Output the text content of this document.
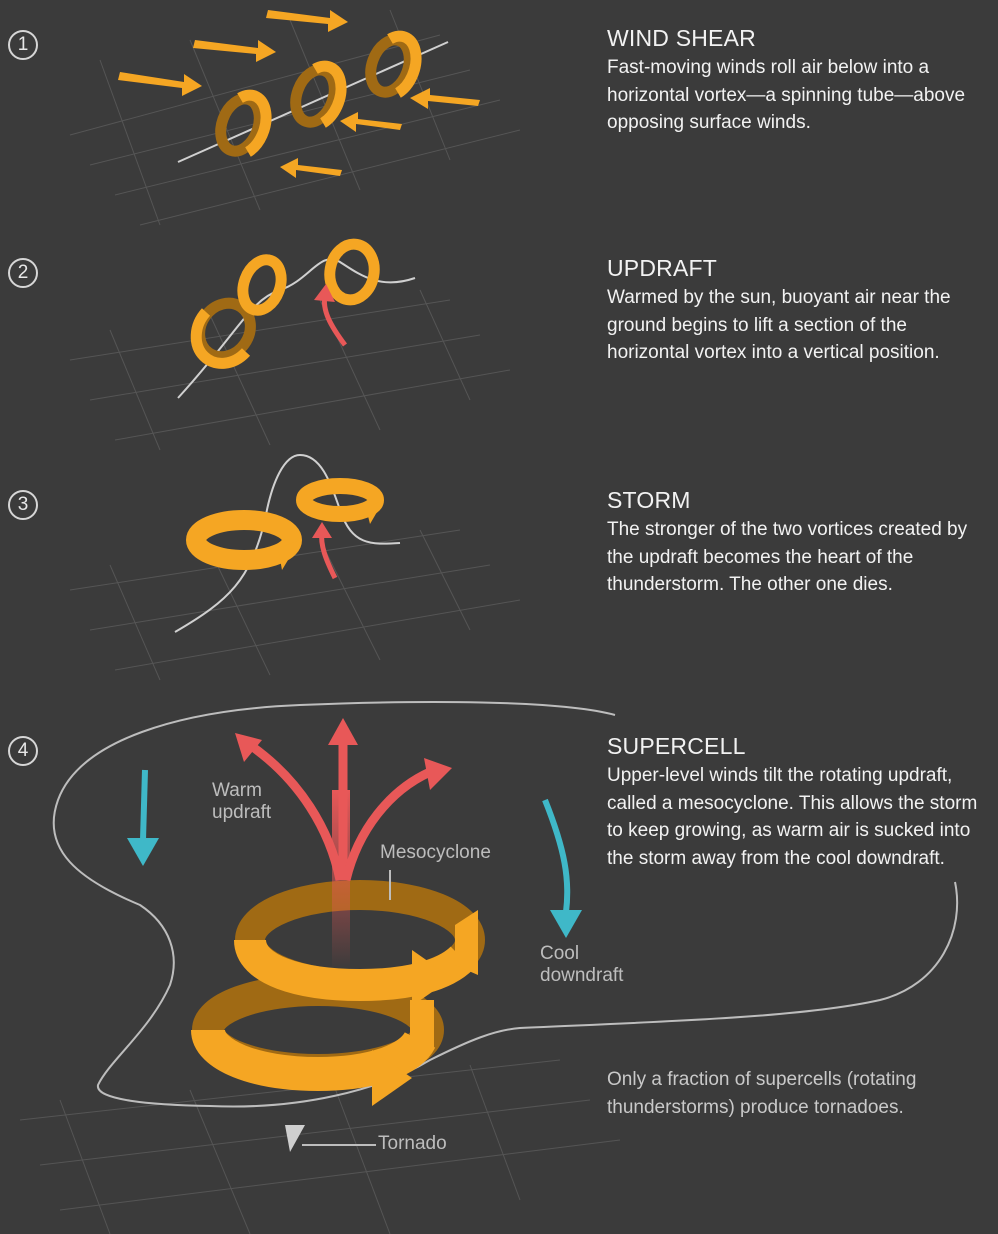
1
2
3
4

WIND SHEAR

Fast-moving winds roll air below into a horizontal vortex—a spinning tube—above opposing surface winds.

UPDRAFT

Warmed by the sun, buoyant air near the ground begins to lift a section of the horizontal vortex into a vertical position.

STORM

The stronger of the two vortices created by the updraft becomes the heart of the thunderstorm. The other one dies.

SUPERCELL

Upper-level winds tilt the rotating updraft, called a mesocyclone. This allows the storm to keep growing, as warm air is sucked into the storm away from the cool downdraft.

Warm
updraft
Mesocyclone
Cool
downdraft
Tornado
Only a fraction of supercells (rotating thunderstorms) produce tornadoes.
